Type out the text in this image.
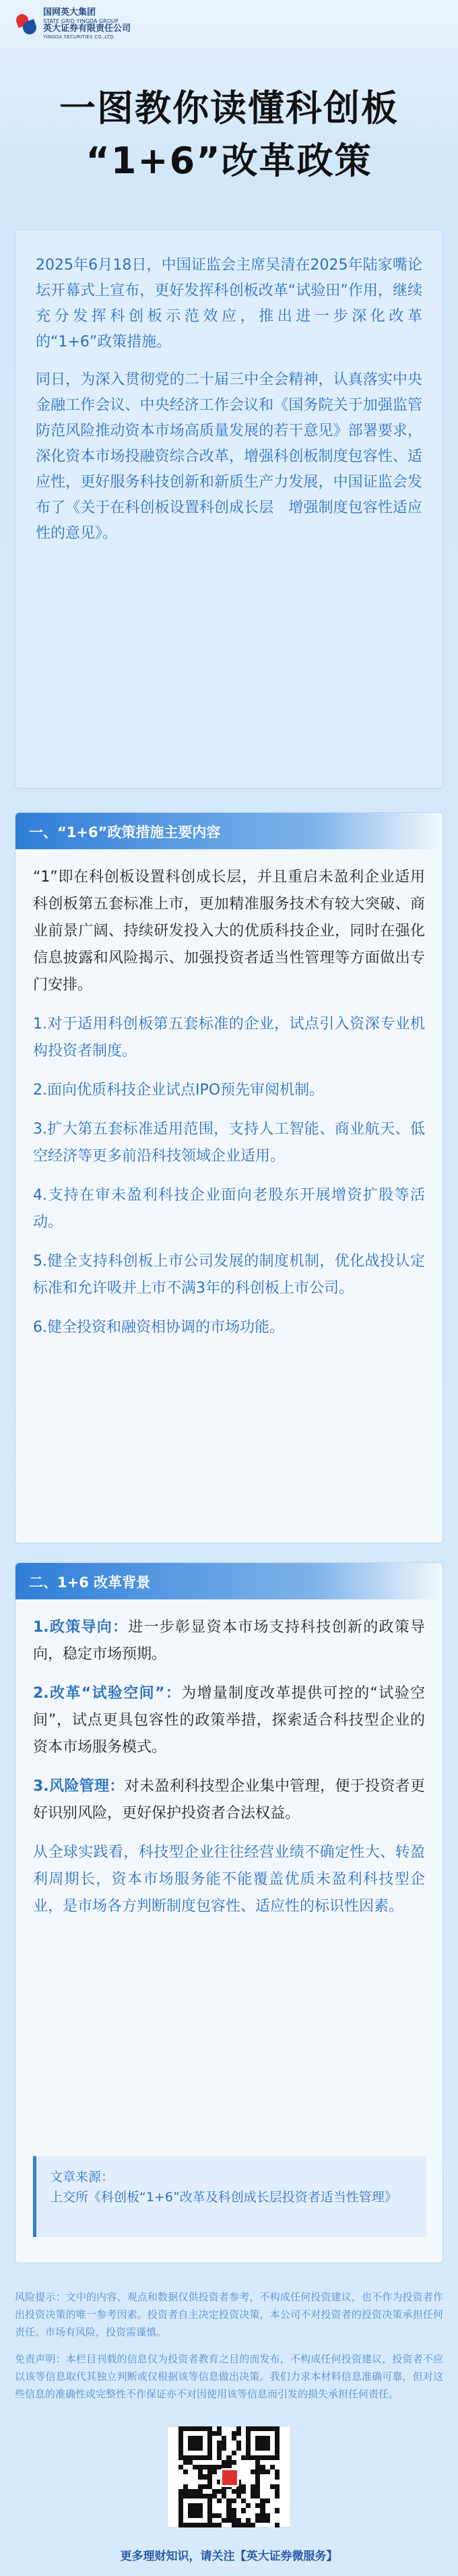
国网英大集团
STATE GRID YINGDA GROUP
英大证券有限责任公司
YINGDA SECURITIES CO.,LTD.
一图教你读懂科创板
“1+6”改革政策

2025年6月18日，中国证监会主席吴清在2025年陆家嘴论坛开幕式上宣布，更好发挥科创板改革“试验田”作用，继续充分发挥科创板示范效应，推出进一步深化改革的“1+6”政策措施。

同日，为深入贯彻党的二十届三中全会精神，认真落实中央金融工作会议、中央经济工作会议和《国务院关于加强监管防范风险推动资本市场高质量发展的若干意见》部署要求，深化资本市场投融资综合改革，增强科创板制度包容性、适应性，更好服务科技创新和新质生产力发展，中国证监会发布了《关于在科创板设置科创成长层　增强制度包容性适应性的意见》。

一、“1+6”政策措施主要内容

“1”即在科创板设置科创成长层，并且重启未盈利企业适用科创板第五套标准上市，更加精准服务技术有较大突破、商业前景广阔、持续研发投入大的优质科技企业，同时在强化信息披露和风险揭示、加强投资者适当性管理等方面做出专门安排。

1.对于适用科创板第五套标准的企业，试点引入资深专业机构投资者制度。

2.面向优质科技企业试点IPO预先审阅机制。

3.扩大第五套标准适用范围，支持人工智能、商业航天、低空经济等更多前沿科技领域企业适用。

4.支持在审未盈利科技企业面向老股东开展增资扩股等活动。

5.健全支持科创板上市公司发展的制度机制，优化战投认定标准和允许吸并上市不满3年的科创板上市公司。

6.健全投资和融资相协调的市场功能。

二、1+6 改革背景

1.政策导向：进一步彰显资本市场支持科技创新的政策导向，稳定市场预期。

2.改革“试验空间”：为增量制度改革提供可控的“试验空间”，试点更具包容性的政策举措，探索适合科技型企业的资本市场服务模式。

3.风险管理：对未盈利科技型企业集中管理，便于投资者更好识别风险，更好保护投资者合法权益。

从全球实践看，科技型企业往往经营业绩不确定性大、转盈利周期长，资本市场服务能不能覆盖优质未盈利科技型企业，是市场各方判断制度包容性、适应性的标识性因素。

文章来源：
上交所《科创板“1+6”改革及科创成长层投资者适当性管理》

风险提示：文中的内容、观点和数据仅供投资者参考，不构成任何投资建议，也不作为投资者作出投资决策的唯一参考因素。投资者自主决定投资决策，本公司不对投资者的投资决策承担任何责任。市场有风险，投资需谨慎。

免责声明：本栏目刊载的信息仅为投资者教育之目的而发布，不构成任何投资建议，投资者不应以该等信息取代其独立判断或仅根据该等信息做出决策。我们力求本材料信息准确可靠，但对这些信息的准确性或完整性不作保证亦不对因使用该等信息而引发的损失承担任何责任。

更多理财知识，请关注【英大证券微服务】
